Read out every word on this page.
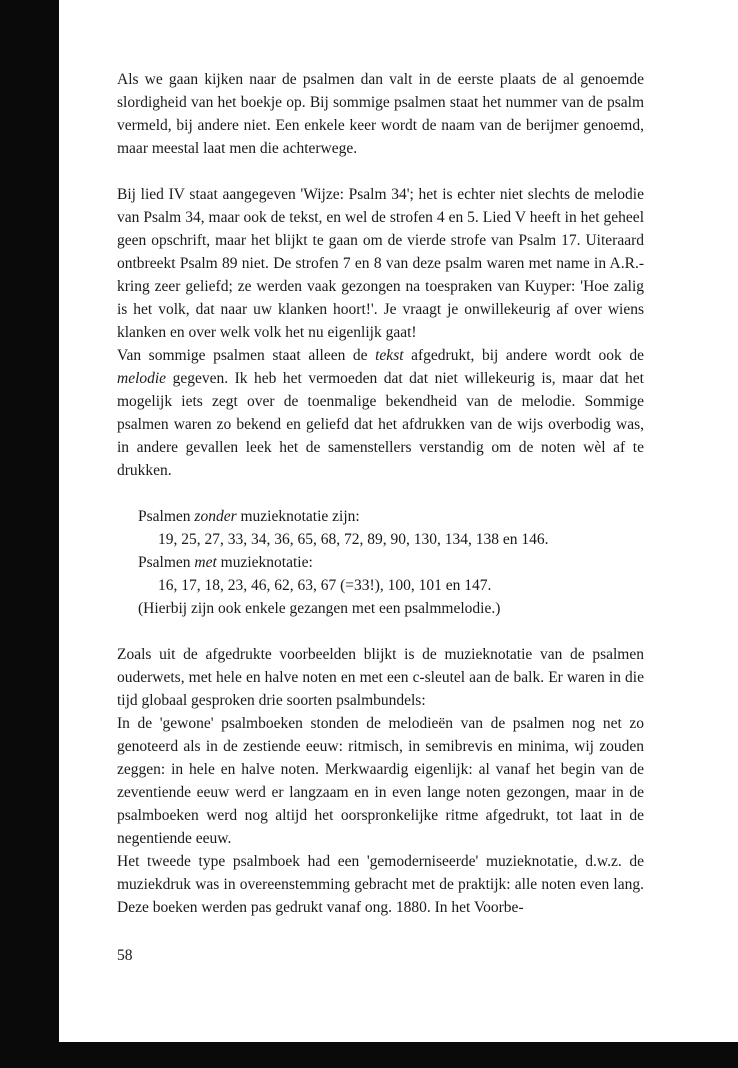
Als we gaan kijken naar de psalmen dan valt in de eerste plaats de al genoemde slordigheid van het boekje op. Bij sommige psalmen staat het nummer van de psalm vermeld, bij andere niet. Een enkele keer wordt de naam van de berijmer genoemd, maar meestal laat men die achterwege.

Bij lied IV staat aangegeven 'Wijze: Psalm 34'; het is echter niet slechts de melodie van Psalm 34, maar ook de tekst, en wel de strofen 4 en 5. Lied V heeft in het geheel geen opschrift, maar het blijkt te gaan om de vierde strofe van Psalm 17. Uiteraard ontbreekt Psalm 89 niet. De strofen 7 en 8 van deze psalm waren met name in A.R.-kring zeer geliefd; ze werden vaak gezongen na toespraken van Kuyper: 'Hoe zalig is het volk, dat naar uw klanken hoort!'. Je vraagt je onwillekeurig af over wiens klanken en over welk volk het nu eigenlijk gaat!

Van sommige psalmen staat alleen de tekst afgedrukt, bij andere wordt ook de melodie gegeven. Ik heb het vermoeden dat dat niet willekeurig is, maar dat het mogelijk iets zegt over de toenmalige bekendheid van de melodie. Sommige psalmen waren zo bekend en geliefd dat het afdrukken van de wijs overbodig was, in andere gevallen leek het de samenstellers verstandig om de noten wèl af te drukken.

Psalmen zonder muzieknotatie zijn:
19, 25, 27, 33, 34, 36, 65, 68, 72, 89, 90, 130, 134, 138 en 146.
Psalmen met muzieknotatie:
16, 17, 18, 23, 46, 62, 63, 67 (=33!), 100, 101 en 147.
(Hierbij zijn ook enkele gezangen met een psalmmelodie.)

Zoals uit de afgedrukte voorbeelden blijkt is de muzieknotatie van de psalmen ouderwets, met hele en halve noten en met een c-sleutel aan de balk. Er waren in die tijd globaal gesproken drie soorten psalmbundels:

In de 'gewone' psalmboeken stonden de melodieën van de psalmen nog net zo genoteerd als in de zestiende eeuw: ritmisch, in semibrevis en minima, wij zouden zeggen: in hele en halve noten. Merkwaardig eigenlijk: al vanaf het begin van de zeventiende eeuw werd er langzaam en in even lange noten gezongen, maar in de psalmboeken werd nog altijd het oorspronkelijke ritme afgedrukt, tot laat in de negentiende eeuw.

Het tweede type psalmboek had een 'gemoderniseerde' muzieknotatie, d.w.z. de muziekdruk was in overeenstemming gebracht met de praktijk: alle noten even lang. Deze boeken werden pas gedrukt vanaf ong. 1880. In het Voorbe-

58
